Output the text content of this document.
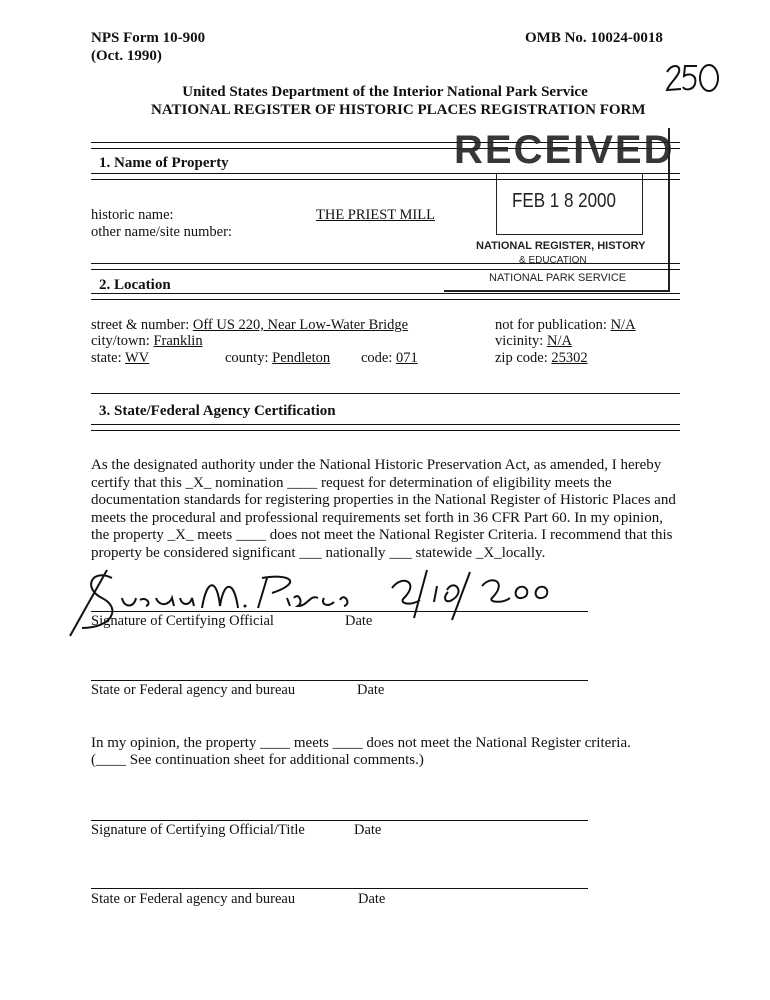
NPS Form 10-900
(Oct. 1990)
OMB No. 10024-0018
United States Department of the Interior National Park Service
NATIONAL REGISTER OF HISTORIC PLACES REGISTRATION FORM
1. Name of Property
historic name:	THE PRIEST MILL
other name/site number:
RECEIVED
FEB 1 8 2000
NATIONAL REGISTER, HISTORY
& EDUCATION
NATIONAL PARK SERVICE
2. Location
street & number: Off US 220, Near Low-Water Bridge
city/town: Franklin
state: WV	county: Pendleton code: 071
not for publication: N/A
vicinity: N/A
zip code: 25302
3. State/Federal Agency Certification
As the designated authority under the National Historic Preservation Act, as amended, I hereby
certify that this _X_ nomination ____ request for determination of eligibility meets the
documentation standards for registering properties in the National Register of Historic Places and
meets the procedural and professional requirements set forth in 36 CFR Part 60. In my opinion,
the property _X_ meets ____ does not meet the National Register Criteria. I recommend that this
property be considered significant ___ nationally ___ statewide _X_locally.
Signature of Certifying Official	Date
State or Federal agency and bureau	Date
In my opinion, the property ____ meets ____ does not meet the National Register criteria.
(____ See continuation sheet for additional comments.)
Signature of Certifying Official/Title	Date
State or Federal agency and bureau	Date
